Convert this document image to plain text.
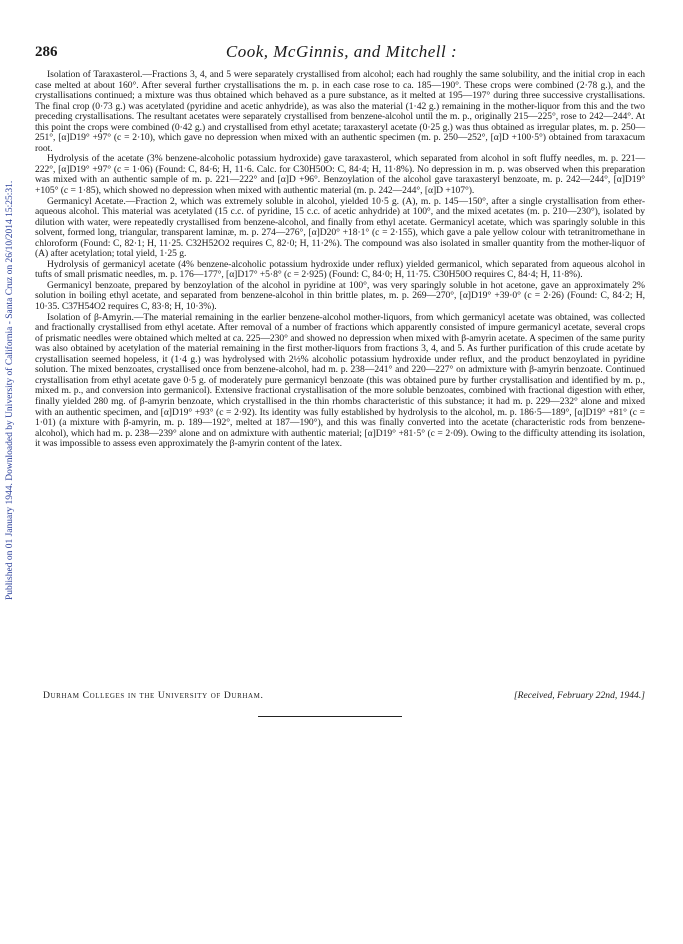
286	Cook, McGinnis, and Mitchell :
Published on 01 January 1944. Downloaded by University of California - Santa Cruz on 26/10/2014 15:25:31.

Isolation of Taraxasterol.—Fractions 3, 4, and 5 were separately crystallised from alcohol; each had roughly the same solubility, and the initial crop in each case melted at about 160°. After several further crystallisations the m. p. in each case rose to ca. 185—190°. These crops were combined (2·78 g.), and the crystallisations continued; a mixture was thus obtained which behaved as a pure substance, as it melted at 195—197° during three successive crystallisations. The final crop (0·73 g.) was acetylated (pyridine and acetic anhydride), as was also the material (1·42 g.) remaining in the mother-liquor from this and the two preceding crystallisations. The resultant acetates were separately crystallised from benzene-alcohol until the m. p., originally 215—225°, rose to 242—244°. At this point the crops were combined (0·42 g.) and crystallised from ethyl acetate; taraxasteryl acetate (0·25 g.) was thus obtained as irregular plates, m. p. 250—251°, [α]D19° +97° (c = 2·10), which gave no depression when mixed with an authentic specimen (m. p. 250—252°, [α]D +100·5°) obtained from taraxacum root.

Hydrolysis of the acetate (3% benzene-alcoholic potassium hydroxide) gave taraxasterol, which separated from alcohol in soft fluffy needles, m. p. 221—222°, [α]D19° +97° (c = 1·06) (Found: C, 84·6; H, 11·6. Calc. for C30H50O: C, 84·4; H, 11·8%). No depression in m. p. was observed when this preparation was mixed with an authentic sample of m. p. 221—222° and [α]D +96°. Benzoylation of the alcohol gave taraxasteryl benzoate, m. p. 242—244°, [α]D19° +105° (c = 1·85), which showed no depression when mixed with authentic material (m. p. 242—244°, [α]D +107°).

Germanicyl Acetate.—Fraction 2, which was extremely soluble in alcohol, yielded 10·5 g. (A), m. p. 145—150°, after a single crystallisation from ether-aqueous alcohol. This material was acetylated (15 c.c. of pyridine, 15 c.c. of acetic anhydride) at 100°, and the mixed acetates (m. p. 210—230°), isolated by dilution with water, were repeatedly crystallised from benzene-alcohol, and finally from ethyl acetate. Germanicyl acetate, which was sparingly soluble in this solvent, formed long, triangular, transparent laminæ, m. p. 274—276°, [α]D20° +18·1° (c = 2·155), which gave a pale yellow colour with tetranitromethane in chloroform (Found: C, 82·1; H, 11·25. C32H52O2 requires C, 82·0; H, 11·2%). The compound was also isolated in smaller quantity from the mother-liquor of (A) after acetylation; total yield, 1·25 g.

Hydrolysis of germanicyl acetate (4% benzene-alcoholic potassium hydroxide under reflux) yielded germanicol, which separated from aqueous alcohol in tufts of small prismatic needles, m. p. 176—177°, [α]D17° +5·8° (c = 2·925) (Found: C, 84·0; H, 11·75. C30H50O requires C, 84·4; H, 11·8%).

Germanicyl benzoate, prepared by benzoylation of the alcohol in pyridine at 100°, was very sparingly soluble in hot acetone, gave an approximately 2% solution in boiling ethyl acetate, and separated from benzene-alcohol in thin brittle plates, m. p. 269—270°, [α]D19° +39·0° (c = 2·26) (Found: C, 84·2; H, 10·35. C37H54O2 requires C, 83·8; H, 10·3%).

Isolation of β-Amyrin.—The material remaining in the earlier benzene-alcohol mother-liquors, from which germanicyl acetate was obtained, was collected and fractionally crystallised from ethyl acetate. After removal of a number of fractions which apparently consisted of impure germanicyl acetate, several crops of prismatic needles were obtained which melted at ca. 225—230° and showed no depression when mixed with β-amyrin acetate. A specimen of the same purity was also obtained by acetylation of the material remaining in the first mother-liquors from fractions 3, 4, and 5. As further purification of this crude acetate by crystallisation seemed hopeless, it (1·4 g.) was hydrolysed with 2½% alcoholic potassium hydroxide under reflux, and the product benzoylated in pyridine solution. The mixed benzoates, crystallised once from benzene-alcohol, had m. p. 238—241° and 220—227° on admixture with β-amyrin benzoate. Continued crystallisation from ethyl acetate gave 0·5 g. of moderately pure germanicyl benzoate (this was obtained pure by further crystallisation and identified by m. p., mixed m. p., and conversion into germanicol). Extensive fractional crystallisation of the more soluble benzoates, combined with fractional digestion with ether, finally yielded 280 mg. of β-amyrin benzoate, which crystallised in the thin rhombs characteristic of this substance; it had m. p. 229—232° alone and mixed with an authentic specimen, and [α]D19° +93° (c = 2·92). Its identity was fully established by hydrolysis to the alcohol, m. p. 186·5—189°, [α]D19° +81° (c = 1·01) (a mixture with β-amyrin, m. p. 189—192°, melted at 187—190°), and this was finally converted into the acetate (characteristic rods from benzene-alcohol), which had m. p. 238—239° alone and on admixture with authentic material; [α]D19° +81·5° (c = 2·09). Owing to the difficulty attending its isolation, it was impossible to assess even approximately the β-amyrin content of the latex.

Durham Colleges in the University of Durham.	[Received, February 22nd, 1944.]
